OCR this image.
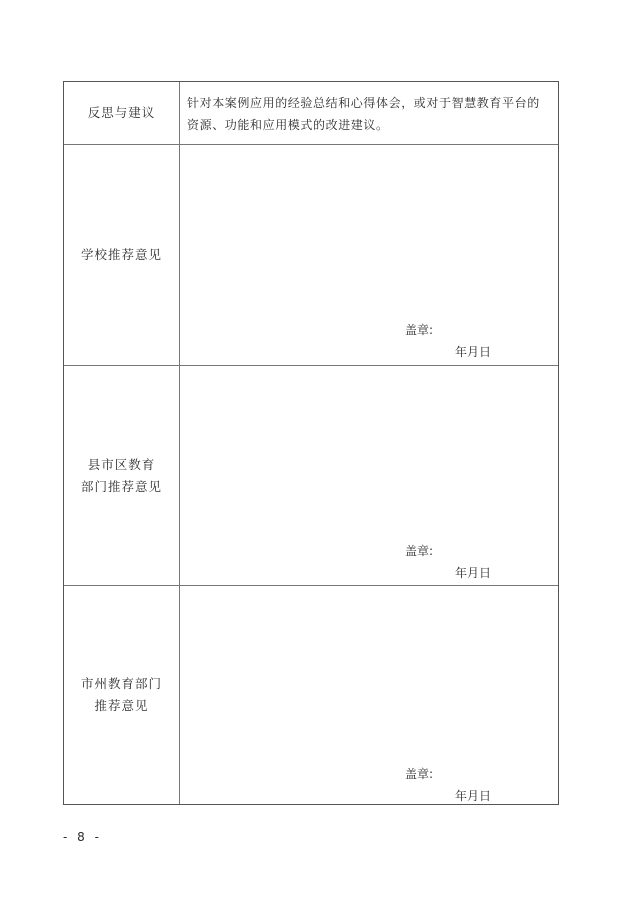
反思与建议
针对本案例应用的经验总结和心得体会，或对于智慧教育平台的资源、功能和应用模式的改进建议。
学校推荐意见
盖章:
年月日
县市区教育
部门推荐意见
盖章:
年月日
市州教育部门
推荐意见
盖章:
年月日
- 8 -
